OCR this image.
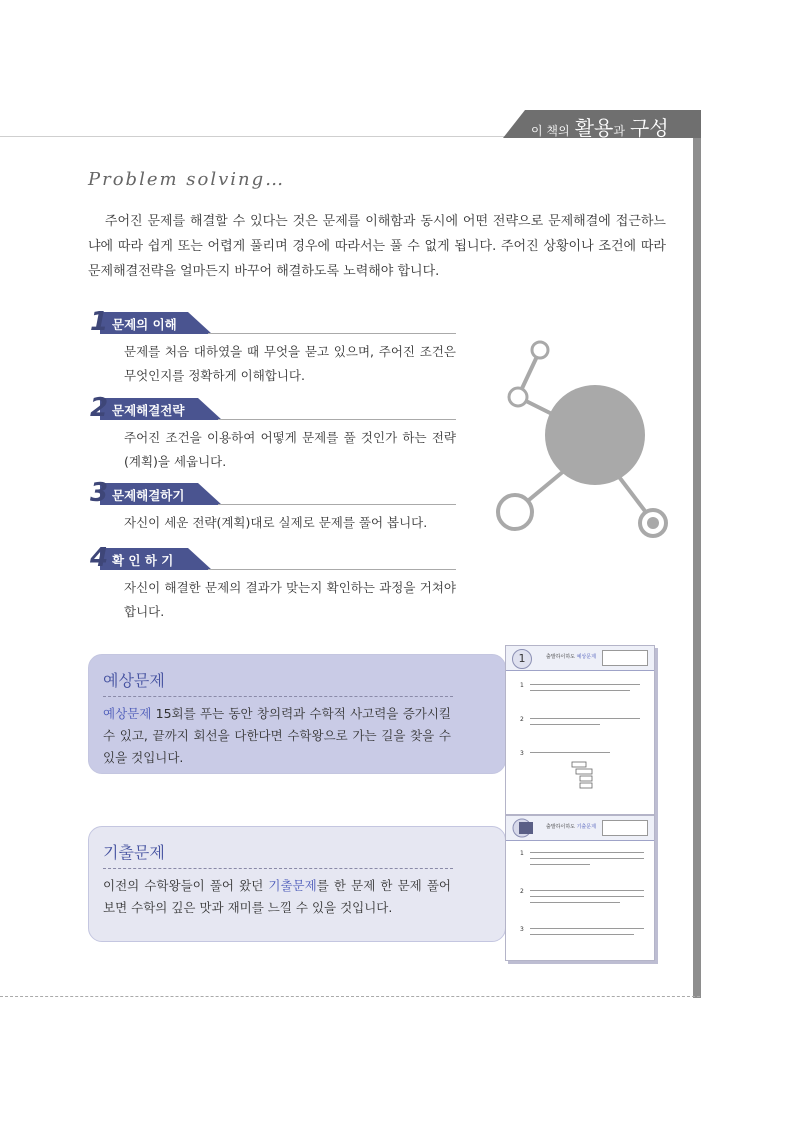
이 책의 활용과 구성
Problem solving…

주어진 문제를 해결할 수 있다는 것은 문제를 이해함과 동시에 어떤 전략으로 문제해결에 접근하느냐에 따라 쉽게 또는 어렵게 풀리며 경우에 따라서는 풀 수 없게 됩니다. 주어진 상황이나 조건에 따라 문제해결전략을 얼마든지 바꾸어 해결하도록 노력해야 합니다.

1 문제의 이해
문제를 처음 대하였을 때 무엇을 묻고 있으며, 주어진 조건은 무엇인지를 정확하게 이해합니다.
2 문제해결전략
주어진 조건을 이용하여 어떻게 문제를 풀 것인가 하는 전략(계획)을 세웁니다.
3 문제해결하기
자신이 세운 전략(계획)대로 실제로 문제를 풀어 봅니다.
4 확 인 하 기
자신이 해결한 문제의 결과가 맞는지 확인하는 과정을 거쳐야 합니다.
예상문제
예상문제 15회를 푸는 동안 창의력과 수학적 사고력을 증가시킬 수 있고, 끝까지 회선을 다한다면 수학왕으로 가는 길을 찾을 수 있을 것입니다.
기출문제
이전의 수학왕들이 풀어 왔던 기출문제를 한 문제 한 문제 풀어 보면 수학의 깊은 맛과 재미를 느낄 수 있을 것입니다.
1	출발하이하도 예상문제
1
2
3
출발하이하도 기출문제
1
2
3
